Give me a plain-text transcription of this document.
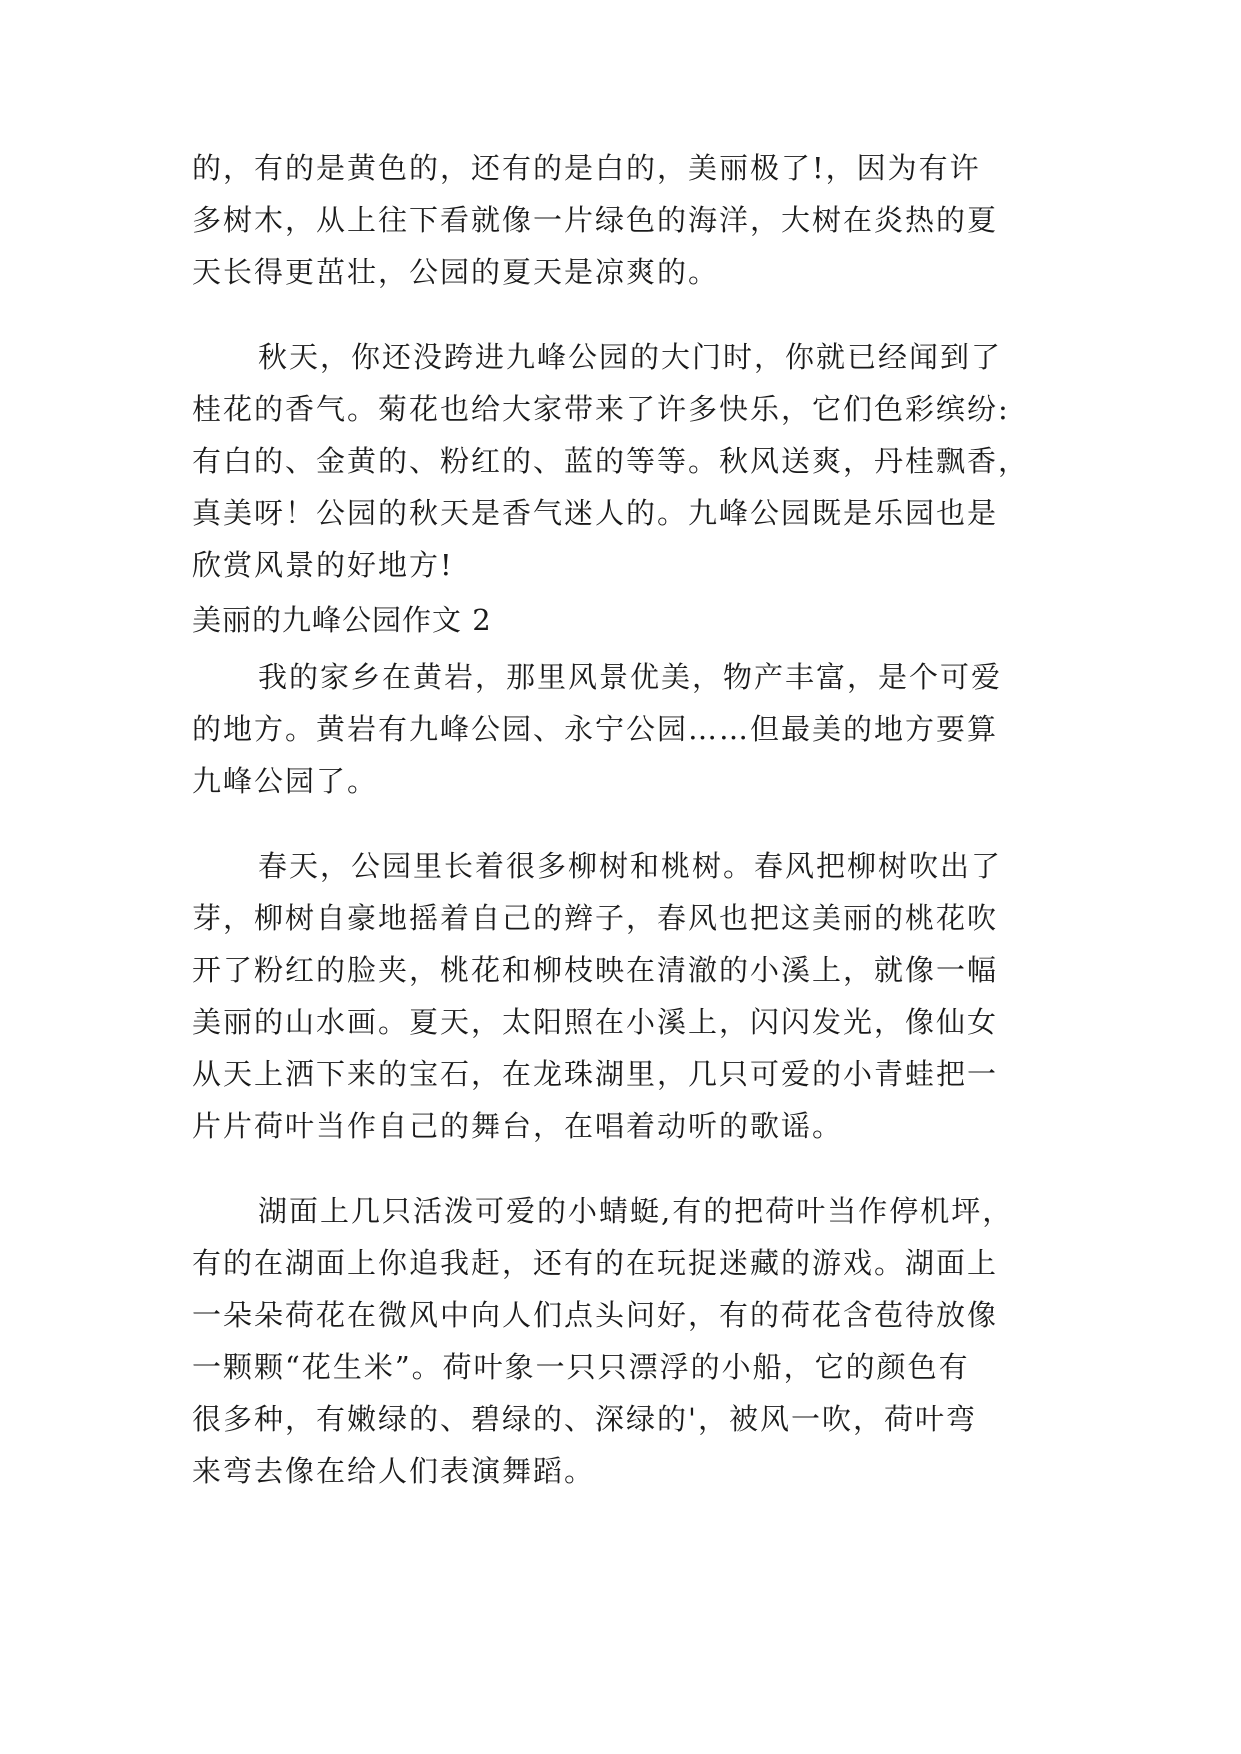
的，有的是黄色的，还有的是白的，美丽极了!，因为有许
多树木，从上往下看就像一片绿色的海洋，大树在炎热的夏
天长得更茁壮，公园的夏天是凉爽的。
秋天，你还没跨进九峰公园的大门时，你就已经闻到了
桂花的香气。菊花也给大家带来了许多快乐，它们色彩缤纷:
有白的、金黄的、粉红的、蓝的等等。秋风送爽，丹桂飘香，
真美呀！公园的秋天是香气迷人的。九峰公园既是乐园也是
欣赏风景的好地方!
美丽的九峰公园作文 2
我的家乡在黄岩，那里风景优美，物产丰富，是个可爱
的地方。黄岩有九峰公园、永宁公园……但最美的地方要算
九峰公园了。
春天，公园里长着很多柳树和桃树。春风把柳树吹出了
芽，柳树自豪地摇着自己的辫子，春风也把这美丽的桃花吹
开了粉红的脸夹，桃花和柳枝映在清澈的小溪上，就像一幅
美丽的山水画。夏天，太阳照在小溪上，闪闪发光，像仙女
从天上洒下来的宝石，在龙珠湖里，几只可爱的小青蛙把一
片片荷叶当作自己的舞台，在唱着动听的歌谣。
湖面上几只活泼可爱的小蜻蜓,有的把荷叶当作停机坪，
有的在湖面上你追我赶，还有的在玩捉迷藏的游戏。湖面上
一朵朵荷花在微风中向人们点头问好，有的荷花含苞待放像
一颗颗“花生米”。荷叶象一只只漂浮的小船，它的颜色有
很多种，有嫩绿的、碧绿的、深绿的'，被风一吹，荷叶弯
来弯去像在给人们表演舞蹈。
